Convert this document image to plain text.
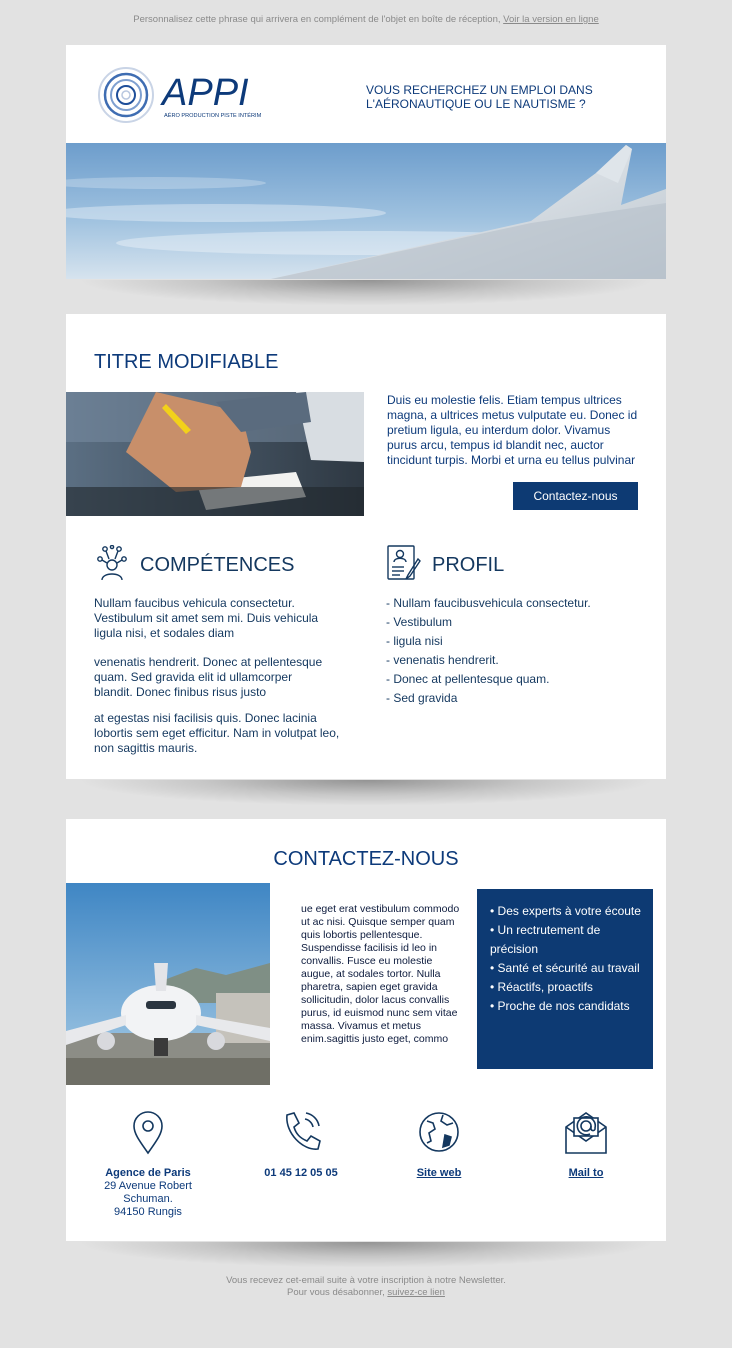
Personnalisez cette phrase qui arrivera en complément de l'objet en boîte de réception, Voir la version en ligne
APPI
AÉRO PRODUCTION PISTE INTÉRIM
VOUS RECHERCHEZ UN EMPLOI DANS L'AÉRONAUTIQUE OU LE NAUTISME ?
TITRE MODIFIABLE
Duis eu molestie felis. Etiam tempus ultrices magna, a ultrices metus vulputate eu. Donec id pretium ligula, eu interdum dolor. Vivamus purus arcu, tempus id blandit nec, auctor tincidunt turpis. Morbi et urna eu tellus pulvinar
Contactez-nous
COMPÉTENCES
Nullam faucibus vehicula consectetur. Vestibulum sit amet sem mi. Duis vehicula ligula nisi, et sodales diam
venenatis hendrerit. Donec at pellentesque quam. Sed gravida elit id ullamcorper blandit. Donec finibus risus justo
at egestas nisi facilisis quis. Donec lacinia lobortis sem eget efficitur. Nam in volutpat leo, non sagittis mauris.
PROFIL
- Nullam faucibusvehicula consectetur.
- Vestibulum
- ligula nisi
- venenatis hendrerit.
- Donec at pellentesque quam.
- Sed gravida
CONTACTEZ-NOUS
ue eget erat vestibulum commodo ut ac nisi. Quisque semper quam quis lobortis pellentesque. Suspendisse facilisis id leo in convallis. Fusce eu molestie augue, at sodales tortor. Nulla pharetra, sapien eget gravida sollicitudin, dolor lacus convallis purus, id euismod nunc sem vitae massa. Vivamus et metus enim.sagittis justo eget, commo
• Des experts à votre écoute
• Un rectrutement de précision
• Santé et sécurité au travail
• Réactifs, proactifs
• Proche de nos candidats
Agence de Paris
29 Avenue Robert
Schuman.
94150 Rungis
01 45 12 05 05	Site web	Mail to
Vous recevez cet-email suite à votre inscription à notre Newsletter.
Pour vous désabonner, suivez-ce lien
